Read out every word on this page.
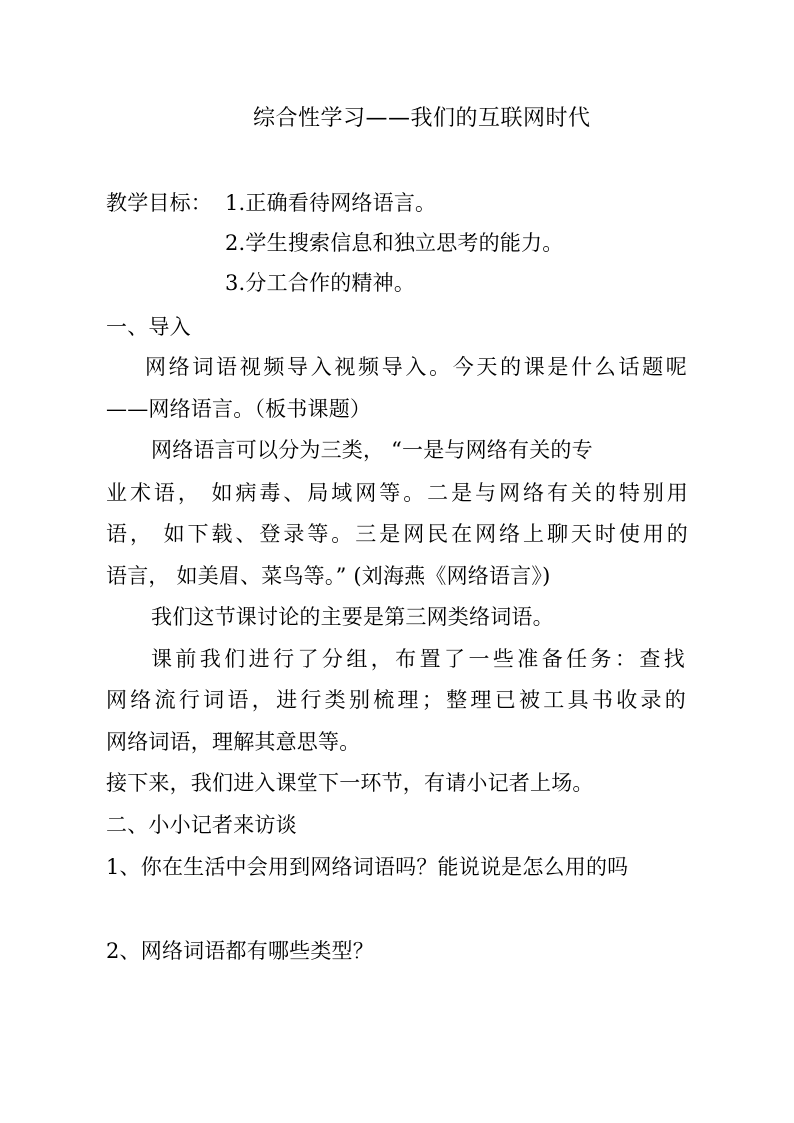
综合性学习——我们的互联网时代
教学目标： 1.正确看待网络语言。
2.学生搜索信息和独立思考的能力。
3.分工合作的精神。
一、导入
网络词语视频导入视频导入。今天的课是什么话题呢
——网络语言。（板书课题）
网络语言可以分为三类， “一是与网络有关的专
业术语， 如病毒、局域网等。二是与网络有关的特别用
语， 如下载、登录等。三是网民在网络上聊天时使用的
语言， 如美眉、菜鸟等。” (刘海燕《网络语言》)
我们这节课讨论的主要是第三网类络词语。
课前我们进行了分组，布置了一些准备任务：查找
网络流行词语，进行类别梳理；整理已被工具书收录的
网络词语，理解其意思等。
接下来，我们进入课堂下一环节，有请小记者上场。
二、小小记者来访谈
1、你在生活中会用到网络词语吗？能说说是怎么用的吗
2、网络词语都有哪些类型？
